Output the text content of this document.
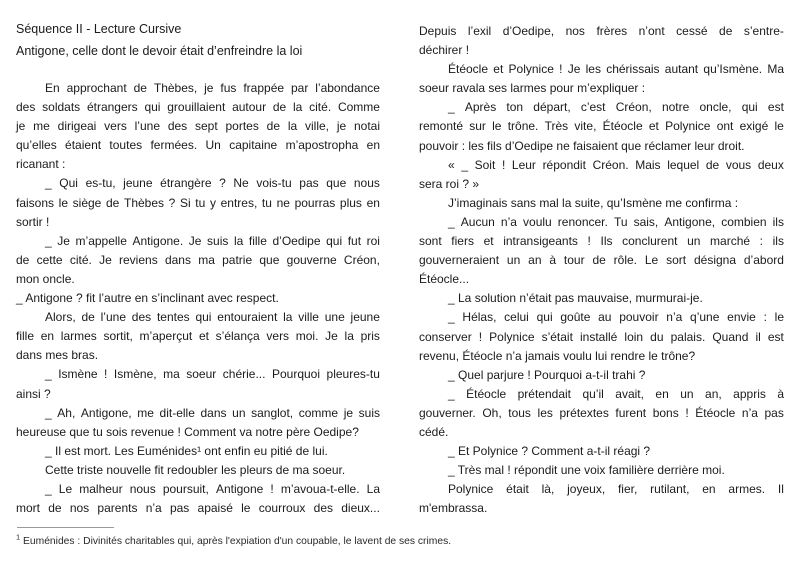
Séquence II - Lecture Cursive
Antigone, celle dont le devoir était d’enfreindre la loi
En approchant de Thèbes, je fus frappée par l’abondance
des soldats étrangers qui grouillaient autour de la cité. Comme
je me dirigeai vers l’une des sept portes de la ville, je notai
qu’elles étaient toutes fermées. Un capitaine m’apostropha en
ricanant :
_ Qui es-tu, jeune étrangère ? Ne vois-tu pas que nous
faisons le siège de Thèbes ? Si tu y entres, tu ne pourras plus en
sortir !
_ Je m’appelle Antigone. Je suis la fille d’Oedipe qui fut roi
de cette cité. Je reviens dans ma patrie que gouverne Créon,
mon oncle.
_ Antigone ? fit l’autre en s’inclinant avec respect.
Alors, de l’une des tentes qui entouraient la ville une jeune
fille en larmes sortit, m’aperçut et s’élança vers moi. Je la pris
dans mes bras.
_ Ismène ! Ismène, ma soeur chérie... Pourquoi pleures-tu
ainsi ?
_ Ah, Antigone, me dit-elle dans un sanglot, comme je suis
heureuse que tu sois revenue ! Comment va notre père Oedipe?
_ Il est mort. Les Euménides¹ ont enfin eu pitié de lui.
Cette triste nouvelle fit redoubler les pleurs de ma soeur.
_ Le malheur nous poursuit, Antigone ! m’avoua-t-elle. La
mort de nos parents n’a pas apaisé le courroux des dieux...
Depuis l’exil d’Oedipe, nos frères n’ont cessé de s’entre-
déchirer !
Étéocle et Polynice ! Je les chérissais autant qu’Ismène. Ma
soeur ravala ses larmes pour m’expliquer :
_ Après ton départ, c’est Créon, notre oncle, qui est
remonté sur le trône. Très vite, Étéocle et Polynice ont exigé le
pouvoir : les fils d’Oedipe ne faisaient que réclamer leur droit.
« _ Soit ! Leur répondit Créon. Mais lequel de vous deux
sera roi ? »
J’imaginais sans mal la suite, qu’Ismène me confirma :
_ Aucun n’a voulu renoncer. Tu sais, Antigone, combien ils
sont fiers et intransigeants ! Ils conclurent un marché : ils
gouverneraient un an à tour de rôle. Le sort désigna d’abord
Étéocle...
_ La solution n’était pas mauvaise, murmurai-je.
_ Hélas, celui qui goûte au pouvoir n’a q’une envie : le
conserver ! Polynice s’était installé loin du palais. Quand il est
revenu, Étéocle n’a jamais voulu lui rendre le trône?
_ Quel parjure ! Pourquoi a-t-il trahi ?
_ Étéocle prétendait qu’il avait, en un an, appris à
gouverner. Oh, tous les prétextes furent bons ! Étéocle n’a pas
cédé.
_ Et Polynice ? Comment a-t-il réagi ?
_ Très mal ! répondit une voix familière derrière moi.
Polynice était là, joyeux, fier, rutilant, en armes. Il
m'embrassa.
$^1$ Euménides : Divinités charitables qui, après l'expiation d'un coupable, le lavent de ses crimes.
